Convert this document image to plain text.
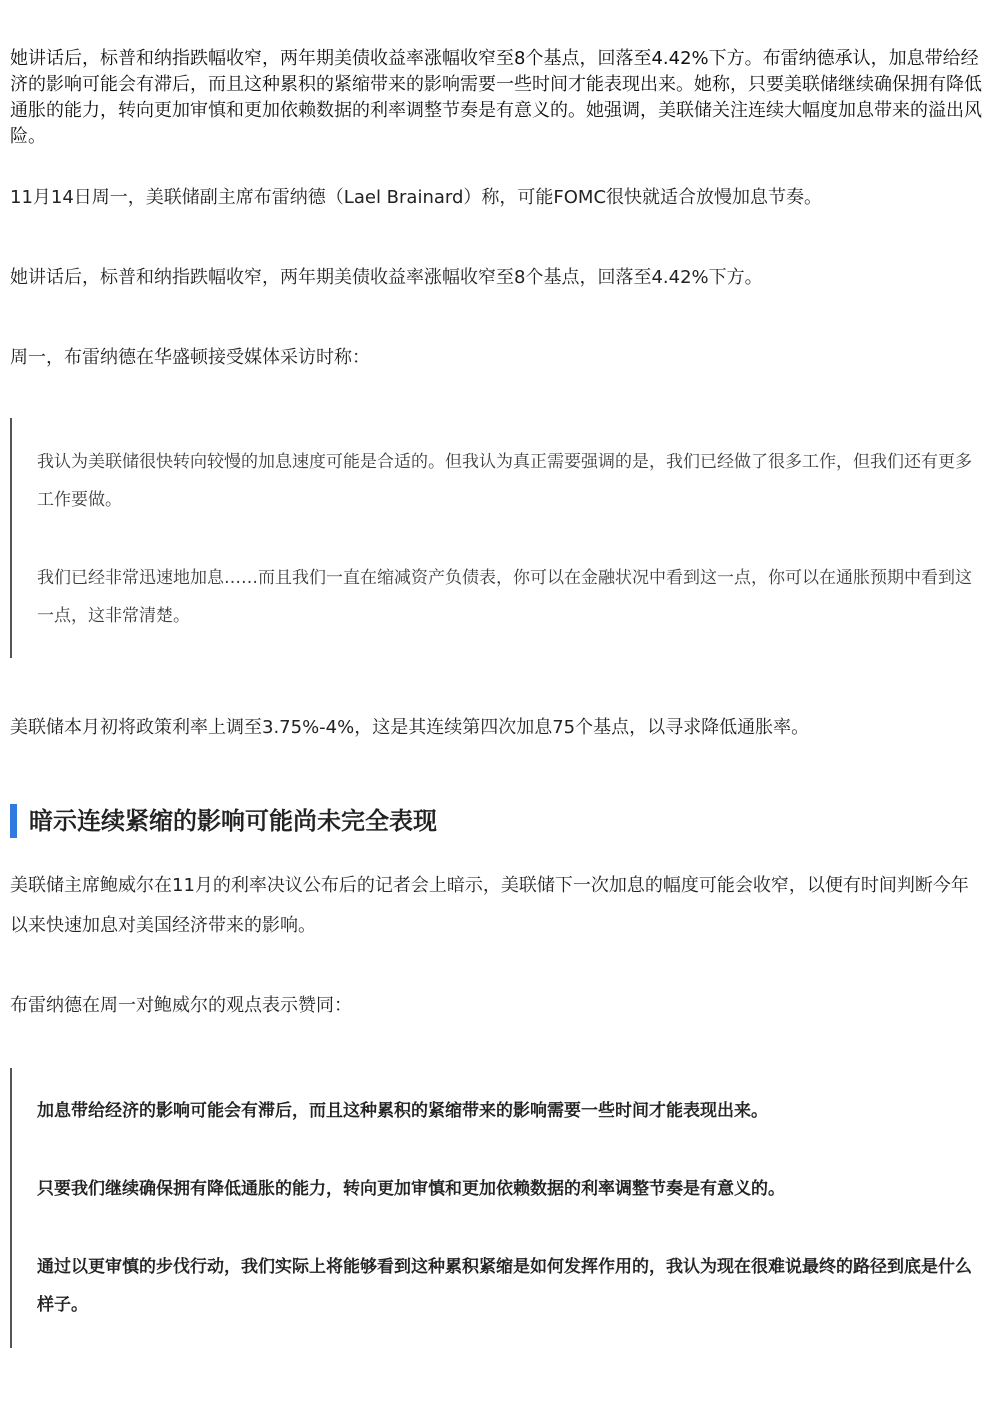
她讲话后，标普和纳指跌幅收窄，两年期美债收益率涨幅收窄至8个基点，回落至4.42%下方。布雷纳德承认，加息带给经济的影响可能会有滞后，而且这种累积的紧缩带来的影响需要一些时间才能表现出来。她称，只要美联储继续确保拥有降低通胀的能力，转向更加审慎和更加依赖数据的利率调整节奏是有意义的。她强调，美联储关注连续大幅度加息带来的溢出风险。

11月14日周一，美联储副主席布雷纳德（Lael Brainard）称，可能FOMC很快就适合放慢加息节奏。

她讲话后，标普和纳指跌幅收窄，两年期美债收益率涨幅收窄至8个基点，回落至4.42%下方。

周一，布雷纳德在华盛顿接受媒体采访时称：

我认为美联储很快转向较慢的加息速度可能是合适的。但我认为真正需要强调的是，我们已经做了很多工作，但我们还有更多工作要做。

我们已经非常迅速地加息……而且我们一直在缩减资产负债表，你可以在金融状况中看到这一点，你可以在通胀预期中看到这一点，这非常清楚。

美联储本月初将政策利率上调至3.75%-4%，这是其连续第四次加息75个基点，以寻求降低通胀率。

暗示连续紧缩的影响可能尚未完全表现

美联储主席鲍威尔在11月的利率决议公布后的记者会上暗示，美联储下一次加息的幅度可能会收窄，以便有时间判断今年以来快速加息对美国经济带来的影响。

布雷纳德在周一对鲍威尔的观点表示赞同：

加息带给经济的影响可能会有滞后，而且这种累积的紧缩带来的影响需要一些时间才能表现出来。

只要我们继续确保拥有降低通胀的能力，转向更加审慎和更加依赖数据的利率调整节奏是有意义的。

通过以更审慎的步伐行动，我们实际上将能够看到这种累积紧缩是如何发挥作用的，我认为现在很难说最终的路径到底是什么样子。
